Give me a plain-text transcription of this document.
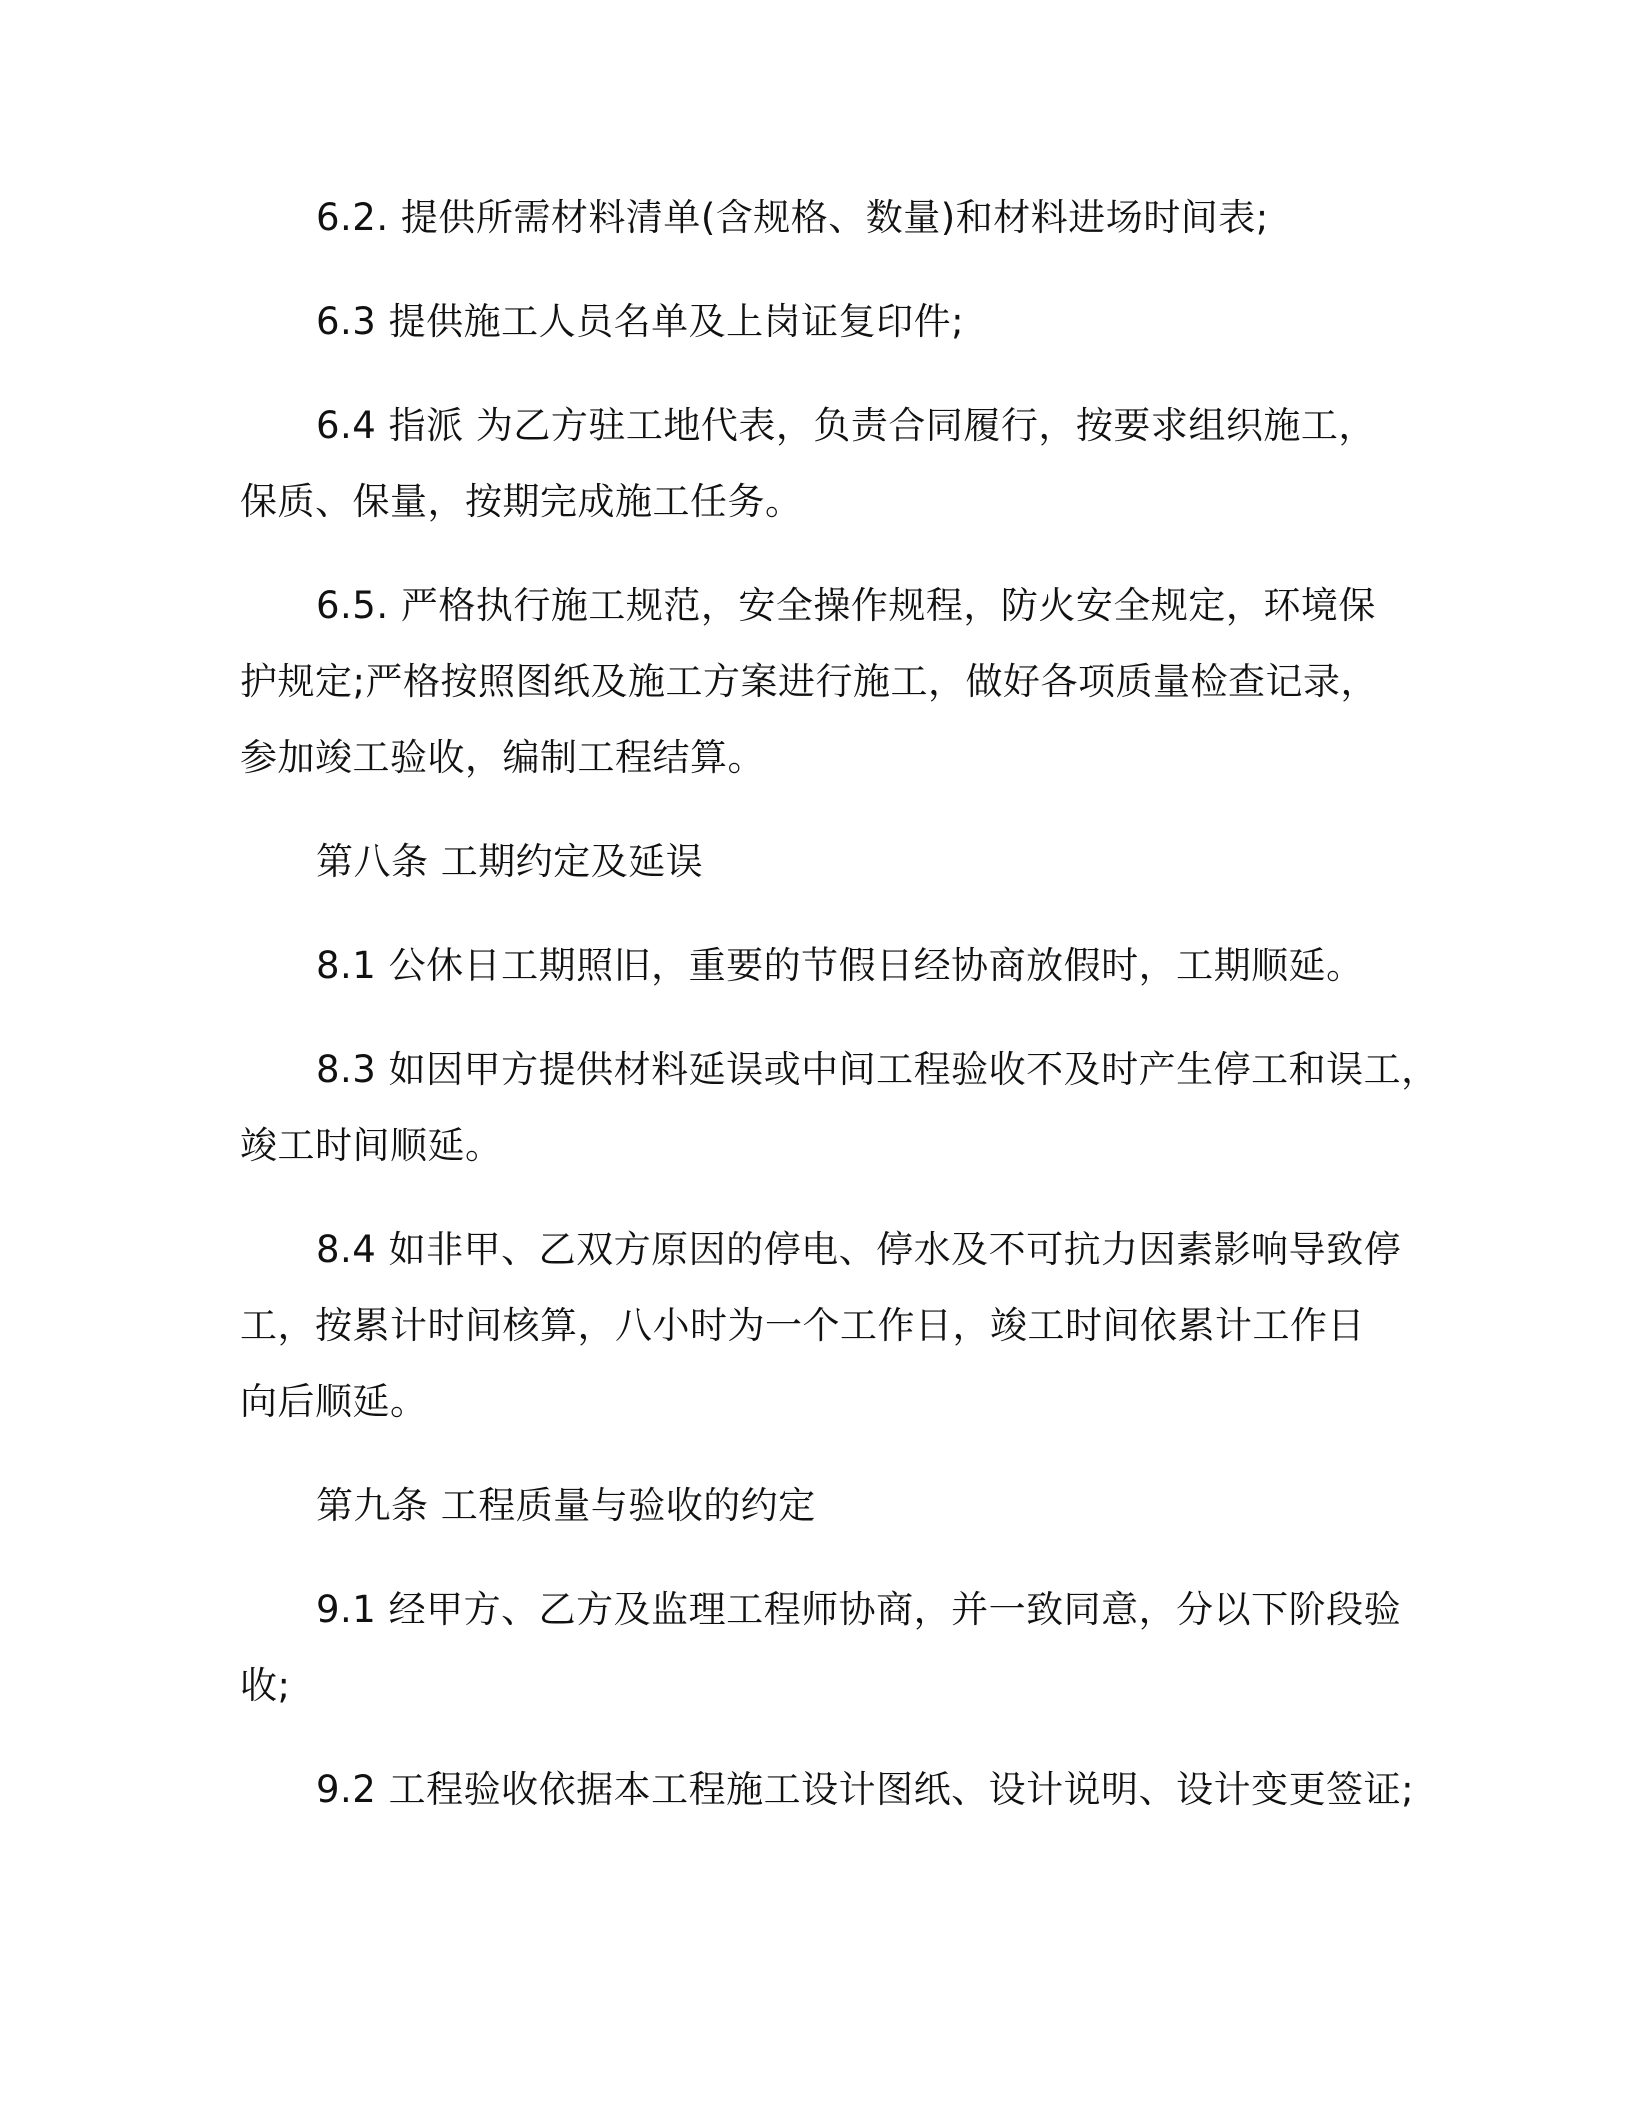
6.2. 提供所需材料清单(含规格、数量)和材料进场时间表;
6.3 提供施工人员名单及上岗证复印件;
6.4 指派 为乙方驻工地代表，负责合同履行，按要求组织施工，
保质、保量，按期完成施工任务。
6.5. 严格执行施工规范，安全操作规程，防火安全规定，环境保
护规定;严格按照图纸及施工方案进行施工，做好各项质量检查记录，
参加竣工验收，编制工程结算。
第八条 工期约定及延误
8.1 公休日工期照旧，重要的节假日经协商放假时，工期顺延。
8.3 如因甲方提供材料延误或中间工程验收不及时产生停工和误工，
竣工时间顺延。
8.4 如非甲、乙双方原因的停电、停水及不可抗力因素影响导致停
工，按累计时间核算，八小时为一个工作日，竣工时间依累计工作日
向后顺延。
第九条 工程质量与验收的约定
9.1 经甲方、乙方及监理工程师协商，并一致同意，分以下阶段验
收;
9.2 工程验收依据本工程施工设计图纸、设计说明、设计变更签证;
